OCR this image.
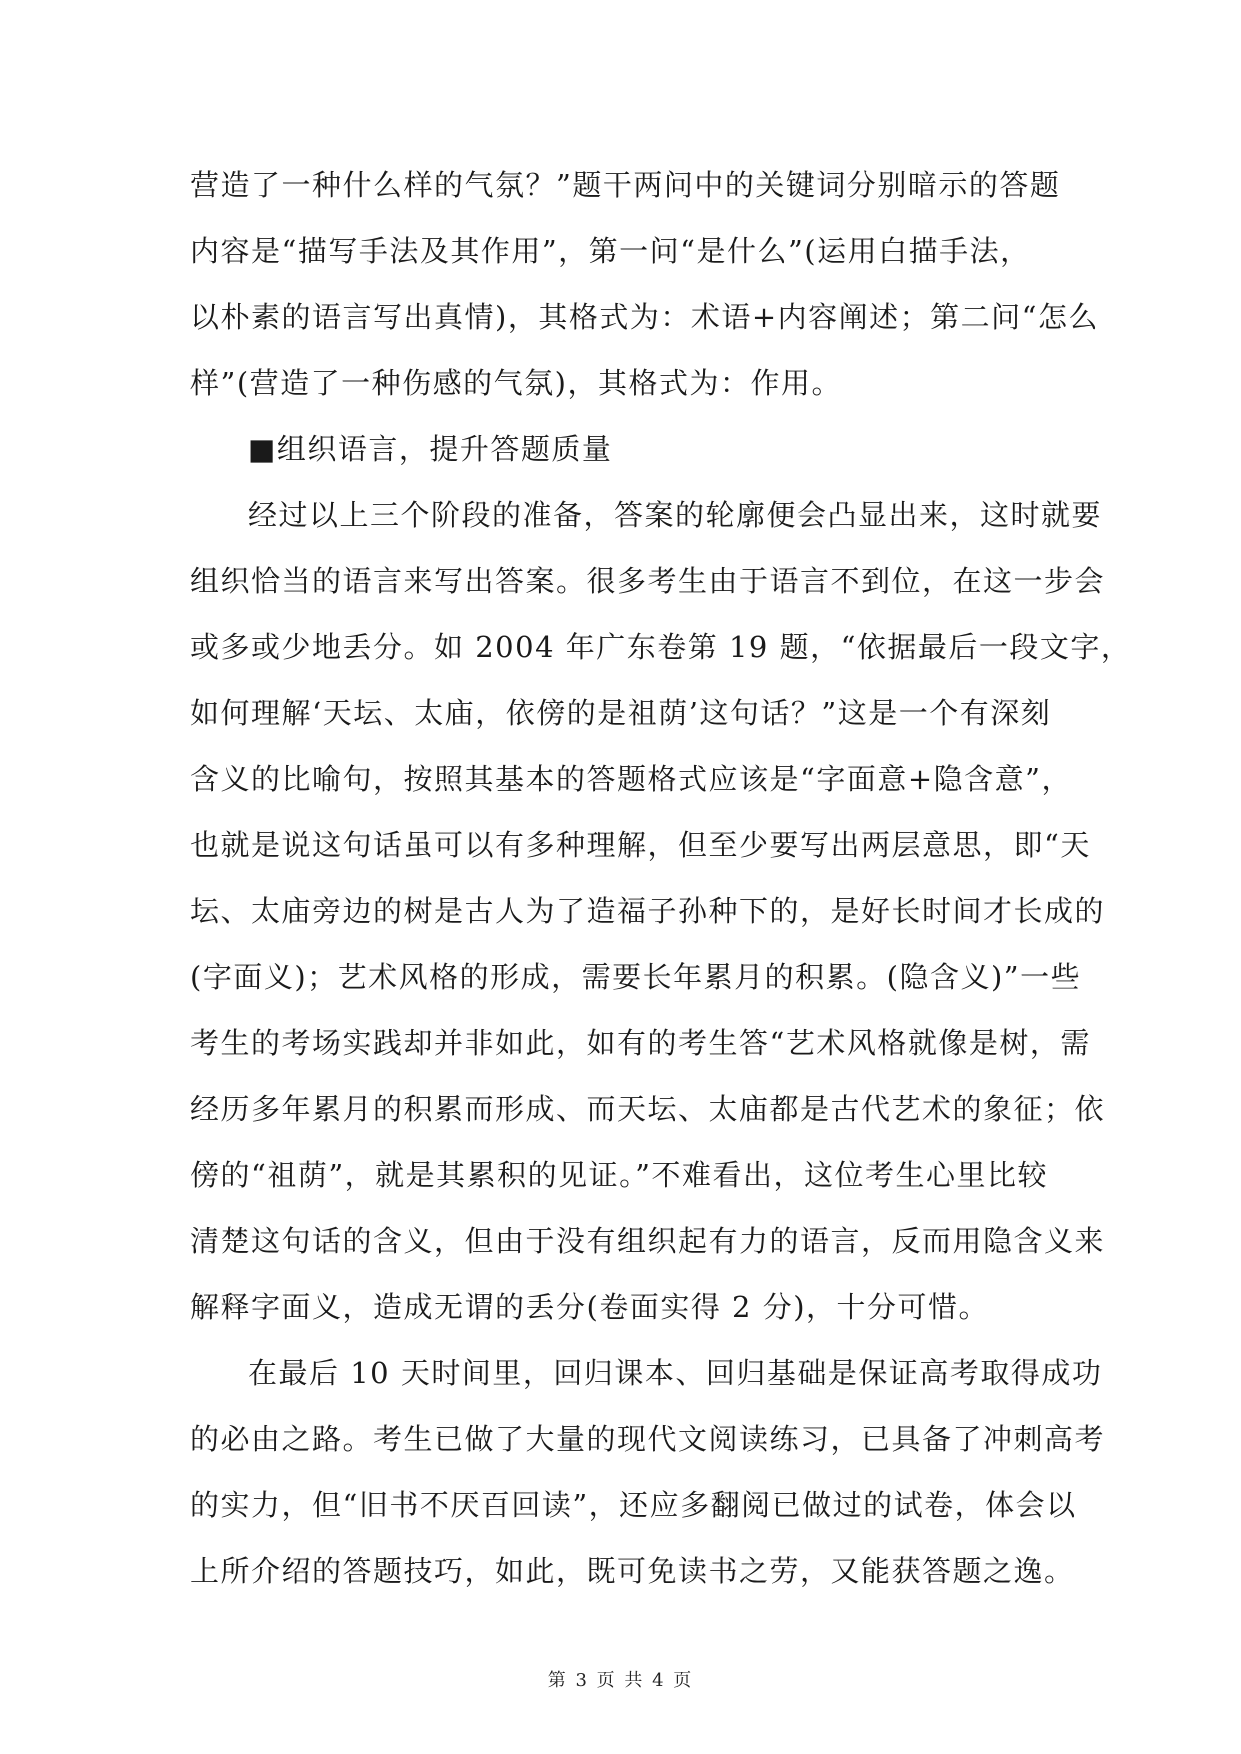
营造了一种什么样的气氛？”题干两问中的关键词分别暗示的答题
内容是“描写手法及其作用”，第一问“是什么”(运用白描手法，
以朴素的语言写出真情)，其格式为：术语+内容阐述；第二问“怎么
样”(营造了一种伤感的气氛)，其格式为：作用。
■组织语言，提升答题质量
经过以上三个阶段的准备，答案的轮廓便会凸显出来，这时就要
组织恰当的语言来写出答案。很多考生由于语言不到位，在这一步会
或多或少地丢分。如 2004 年广东卷第 19 题，“依据最后一段文字，
如何理解‘天坛、太庙，依傍的是祖荫’这句话？”这是一个有深刻
含义的比喻句，按照其基本的答题格式应该是“字面意+隐含意”，
也就是说这句话虽可以有多种理解，但至少要写出两层意思，即“天
坛、太庙旁边的树是古人为了造福子孙种下的，是好长时间才长成的
(字面义)；艺术风格的形成，需要长年累月的积累。(隐含义)”一些
考生的考场实践却并非如此，如有的考生答“艺术风格就像是树，需
经历多年累月的积累而形成、而天坛、太庙都是古代艺术的象征；依
傍的“祖荫”，就是其累积的见证。”不难看出，这位考生心里比较
清楚这句话的含义，但由于没有组织起有力的语言，反而用隐含义来
解释字面义，造成无谓的丢分(卷面实得 2 分)，十分可惜。
在最后 10 天时间里，回归课本、回归基础是保证高考取得成功
的必由之路。考生已做了大量的现代文阅读练习，已具备了冲刺高考
的实力，但“旧书不厌百回读”，还应多翻阅已做过的试卷，体会以
上所介绍的答题技巧，如此，既可免读书之劳，又能获答题之逸。
第 3 页 共 4 页
